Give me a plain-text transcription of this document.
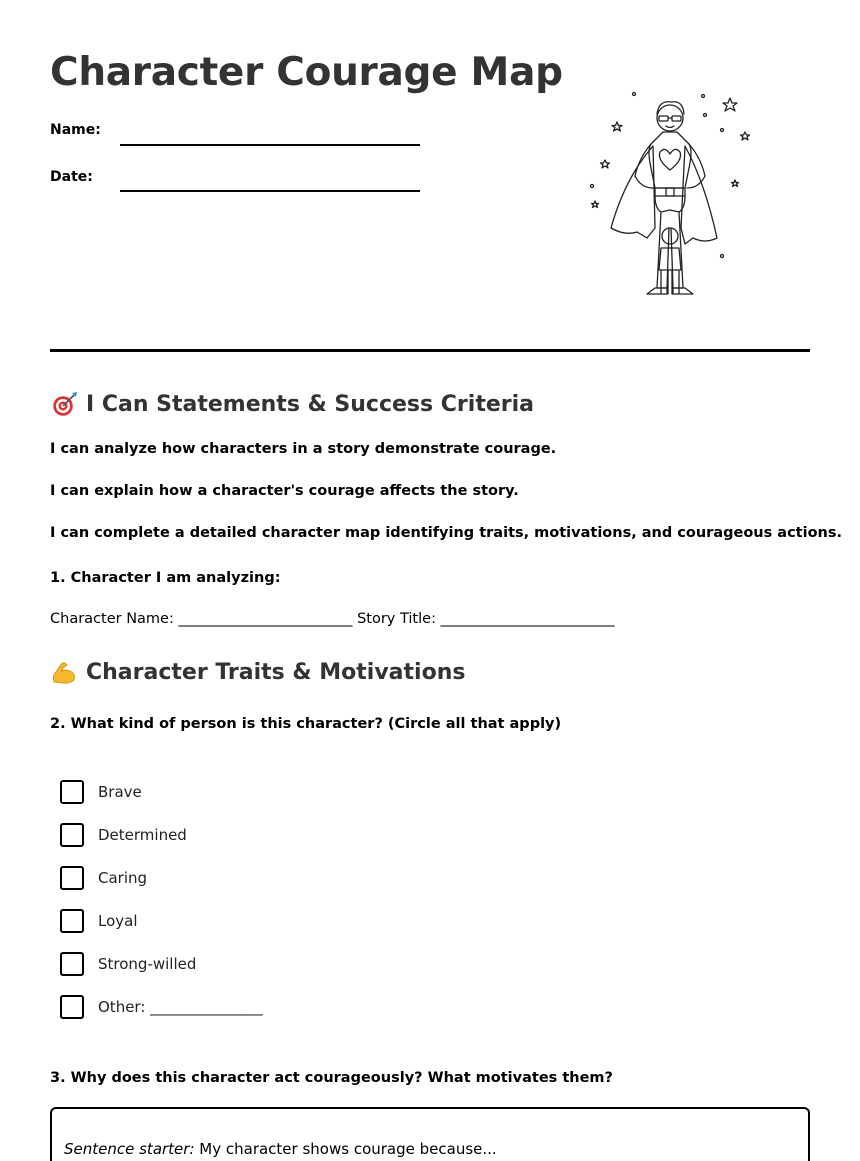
Character Courage Map
Name:
Date:
I Can Statements & Success Criteria
I can analyze how characters in a story demonstrate courage.
I can explain how a character's courage affects the story.
I can complete a detailed character map identifying traits, motivations, and courageous actions.
1. Character I am analyzing:
Character Name: ________________________ Story Title: ________________________
Character Traits & Motivations
2. What kind of person is this character? (Circle all that apply)
Brave
Determined
Caring
Loyal
Strong-willed
Other: _______________
3. Why does this character act courageously? What motivates them?
Sentence starter: My character shows courage because...
